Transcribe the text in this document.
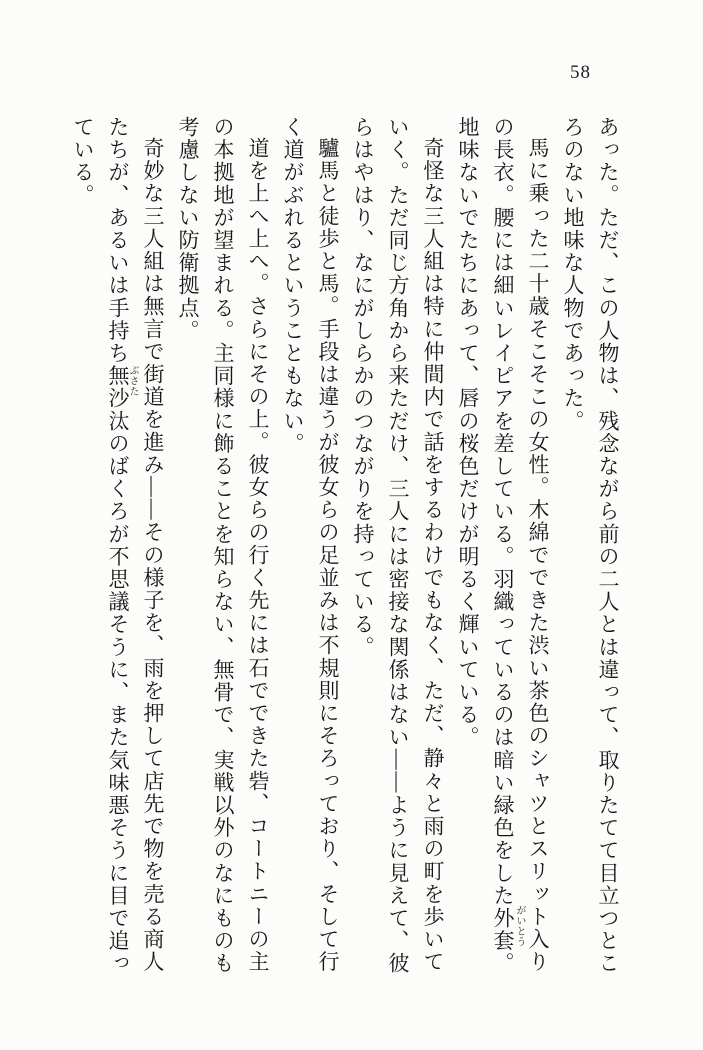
58
あった。ただ、この人物は、残念ながら前の二人とは違って、取りたてて目立つとこ
ろのない地味な人物であった。
馬に乗った二十歳そこそこの女性。木綿でできた渋い茶色のシャツとスリット入り
の長衣。腰には細いレイピアを差している。羽織っているのは暗い緑色をした外套。
地味ないでたちにあって、唇の桜色だけが明るく輝いている。
奇怪な三人組は特に仲間内で話をするわけでもなく、ただ、静々と雨の町を歩いて
いく。ただ同じ方角から来ただけ、三人には密接な関係はない——ように見えて、彼
らはやはり、なにがしらかのつながりを持っている。
驢馬と徒歩と馬。手段は違うが彼女らの足並みは不規則にそろっており、そして行
く道がぶれるということもない。
道を上へ上へ。さらにその上。彼女らの行く先には石でできた砦、コートニーの主
の本拠地が望まれる。主同様に飾ることを知らない、無骨で、実戦以外のなにものも
考慮しない防衛拠点。
奇妙な三人組は無言で街道を進み——その様子を、雨を押して店先で物を売る商人
たちが、あるいは手持ち無沙汰のばくろが不思議そうに、また気味悪そうに目で追っ
ている。
がいとう
ぶさた
